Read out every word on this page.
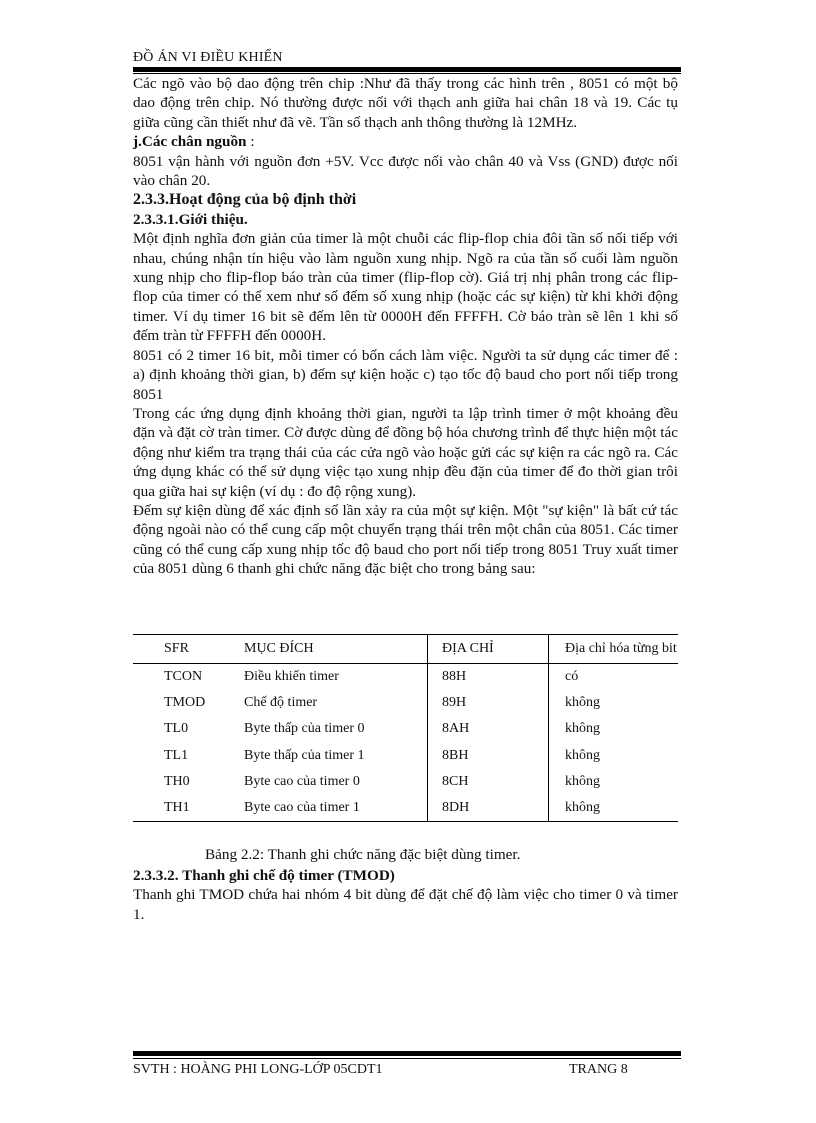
ĐỒ ÁN VI ĐIỀU KHIỂN

Các ngõ vào bộ dao động trên chip :Như đã thấy trong các hình trên , 8051 có một bộ dao động trên chip. Nó thường được nối với thạch anh giữa hai chân 18 và 19. Các tụ giữa cũng cần thiết như đã vẽ. Tần số thạch anh thông thường là 12MHz.

j.Các chân nguồn :

8051 vận hành với nguồn đơn +5V. Vcc được nối vào chân 40 và Vss (GND) được nối vào chân 20.

2.3.3.Hoạt động của bộ định thời
2.3.3.1.Giới thiệu.

Một định nghĩa đơn giản của timer là một chuỗi các flip-flop chia đôi tần số nối tiếp với nhau, chúng nhận tín hiệu vào làm nguồn xung nhịp. Ngõ ra của tần số cuối làm nguồn xung nhịp cho flip-flop báo tràn của timer (flip-flop cờ). Giá trị nhị phân trong các flip-flop của timer có thể xem như số đếm số xung nhịp (hoặc các sự kiện) từ khi khởi động timer. Ví dụ timer 16 bit sẽ đếm lên từ 0000H đến FFFFH. Cờ báo tràn sẽ lên 1 khi số đếm tràn từ FFFFH đến 0000H.

8051 có 2 timer 16 bit, mỗi timer có bốn cách làm việc. Người ta sử dụng các timer để : a) định khoảng thời gian, b) đếm sự kiện hoặc c) tạo tốc độ baud cho port nối tiếp trong 8051

Trong các ứng dụng định khoảng thời gian, người ta lập trình timer ở một khoảng đều đặn và đặt cờ tràn timer. Cờ được dùng để đồng bộ hóa chương trình để thực hiện một tác động như kiểm tra trạng thái của các cửa ngõ vào hoặc gửi các sự kiện ra các ngõ ra. Các ứng dụng khác có thể sử dụng việc tạo xung nhịp đều đặn của timer để đo thời gian trôi qua giữa hai sự kiện (ví dụ : đo độ rộng xung).

Đếm sự kiện dùng để xác định số lần xảy ra của một sự kiện. Một "sự kiện" là bất cứ tác động ngoài nào có thể cung cấp một chuyển trạng thái trên một chân của 8051. Các timer cũng có thể cung cấp xung nhịp tốc độ baud cho port nối tiếp trong 8051 Truy xuất timer của 8051 dùng 6 thanh ghi chức năng đặc biệt cho trong bảng sau:

SFR	MỤC ĐÍCH	ĐỊA CHỈ	Địa chỉ hóa từng bit
TCON	Điều khiển timer	88H	có
TMOD	Chế độ timer	89H	không
TL0	Byte thấp của timer 0	8AH	không
TL1	Byte thấp của timer 1	8BH	không
TH0	Byte cao của timer 0	8CH	không
TH1	Byte cao của timer 1	8DH	không
Bảng 2.2: Thanh ghi chức năng đặc biệt dùng timer.
2.3.3.2. Thanh ghi chế độ timer (TMOD)

Thanh ghi TMOD chứa hai nhóm 4 bit dùng để đặt chế độ làm việc cho timer 0 và timer 1.

SVTH : HOÀNG PHI LONG-LỚP 05CDT1	TRANG 8
